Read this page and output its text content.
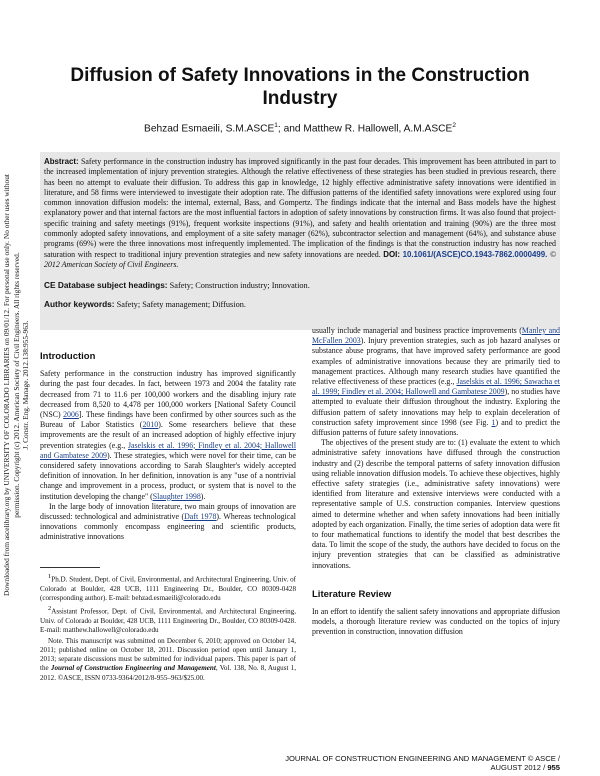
Downloaded from ascelibrary.org by UNIVERSITY OF COLORADO LIBRARIES on 09/01/12. For personal use only. No other uses without permission. Copyright (c) 2012. American Society of Civil Engineers. All rights reserved. J. Constr. Eng. Manage. 2012.138:955-963.
Diffusion of Safety Innovations in the Construction Industry
Behzad Esmaeili, S.M.ASCE$^1$; and Matthew R. Hallowell, A.M.ASCE$^2$
Abstract: Safety performance in the construction industry has improved significantly in the past four decades. This improvement has been attributed in part to the increased implementation of injury prevention strategies. Although the relative effectiveness of these strategies has been studied in previous research, there has been no attempt to evaluate their diffusion. To address this gap in knowledge, 12 highly effective administrative safety innovations were identified in literature, and 58 firms were interviewed to investigate their adoption rate. The diffusion patterns of the identified safety innovations were explored using four common innovation diffusion models: the internal, external, Bass, and Gompertz. The findings indicate that the internal and Bass models have the highest explanatory power and that internal factors are the most influential factors in adoption of safety innovations by construction firms. It was also found that project-specific training and safety meetings (91%), frequent worksite inspections (91%), and safety and health orientation and training (90%) are the three most commonly adopted safety innovations, and employment of a site safety manager (62%), subcontractor selection and management (64%), and substance abuse programs (69%) were the three innovations most infrequently implemented. The implication of the findings is that the construction industry has now reached saturation with respect to traditional injury prevention strategies and new safety innovations are needed. DOI: 10.1061/(ASCE)CO.1943-7862.0000499. © 2012 American Society of Civil Engineers.
CE Database subject headings: Safety; Construction industry; Innovation.
Author keywords: Safety; Safety management; Diffusion.
Introduction

Safety performance in the construction industry has improved significantly during the past four decades. In fact, between 1973 and 2004 the fatality rate decreased from 71 to 11.6 per 100,000 workers and the disabling injury rate decreased from 8,520 to 4,478 per 100,000 workers [National Safety Council (NSC) 2006]. These findings have been confirmed by other sources such as the Bureau of Labor Statistics (2010). Some researchers believe that these improvements are the result of an increased adoption of highly effective injury prevention strategies (e.g., Jaselskis et al. 1996; Findley et al. 2004; Hallowell and Gambatese 2009). These strategies, which were novel for their time, can be considered safety innovations according to Sarah Slaughter's widely accepted definition of innovation. In her definition, innovation is any "use of a nontrivial change and improvement in a process, product, or system that is novel to the institution developing the change" (Slaughter 1998).

In the large body of innovation literature, two main groups of innovation are discussed: technological and administrative (Daft 1978). Whereas technological innovations commonly encompass engineering and scientific products, administrative innovations

$^1$Ph.D. Student, Dept. of Civil, Environmental, and Architectural Engineering, Univ. of Colorado at Boulder, 428 UCB, 1111 Engineering Dr., Boulder, CO 80309-0428 (corresponding author). E-mail: behzad.esmaeili@colorado.edu

$^2$Assistant Professor, Dept. of Civil, Environmental, and Architectural Engineering, Univ. of Colorado at Boulder, 428 UCB, 1111 Engineering Dr., Boulder, CO 80309-0428. E-mail: matthew.hallowell@colorado.edu

Note. This manuscript was submitted on December 6, 2010; approved on October 14, 2011; published online on October 18, 2011. Discussion period open until January 1, 2013; separate discussions must be submitted for individual papers. This paper is part of the Journal of Construction Engineering and Management, Vol. 138, No. 8, August 1, 2012. ©ASCE, ISSN 0733-9364/2012/8-955–963/$25.00.

usually include managerial and business practice improvements (Manley and McFallen 2003). Injury prevention strategies, such as job hazard analyses or substance abuse programs, that have improved safety performance are good examples of administrative innovations because they are primarily tied to management practices. Although many research studies have quantified the relative effectiveness of these practices (e.g., Jaselskis et al. 1996; Sawacha et al. 1999; Findley et al. 2004; Hallowell and Gambatese 2009), no studies have attempted to evaluate their diffusion throughout the industry. Exploring the diffusion pattern of safety innovations may help to explain deceleration of construction safety improvement since 1998 (see Fig. 1) and to predict the diffusion patterns of future safety innovations.

The objectives of the present study are to: (1) evaluate the extent to which administrative safety innovations have diffused through the construction industry and (2) describe the temporal patterns of safety innovation diffusion using reliable innovation diffusion models. To achieve these objectives, highly effective safety strategies (i.e., administrative safety innovations) were identified from literature and extensive interviews were conducted with a representative sample of U.S. construction companies. Interview questions aimed to determine whether and when safety innovations had been initially adopted by each organization. Finally, the time series of adoption data were fit to four mathematical functions to identify the model that best describes the data. To limit the scope of the study, the authors have decided to focus on the injury prevention strategies that can be classified as administrative innovations.

Literature Review

In an effort to identify the salient safety innovations and appropriate diffusion models, a thorough literature review was conducted on the topics of injury prevention in construction, innovation diffusion

JOURNAL OF CONSTRUCTION ENGINEERING AND MANAGEMENT © ASCE / AUGUST 2012 / 955
